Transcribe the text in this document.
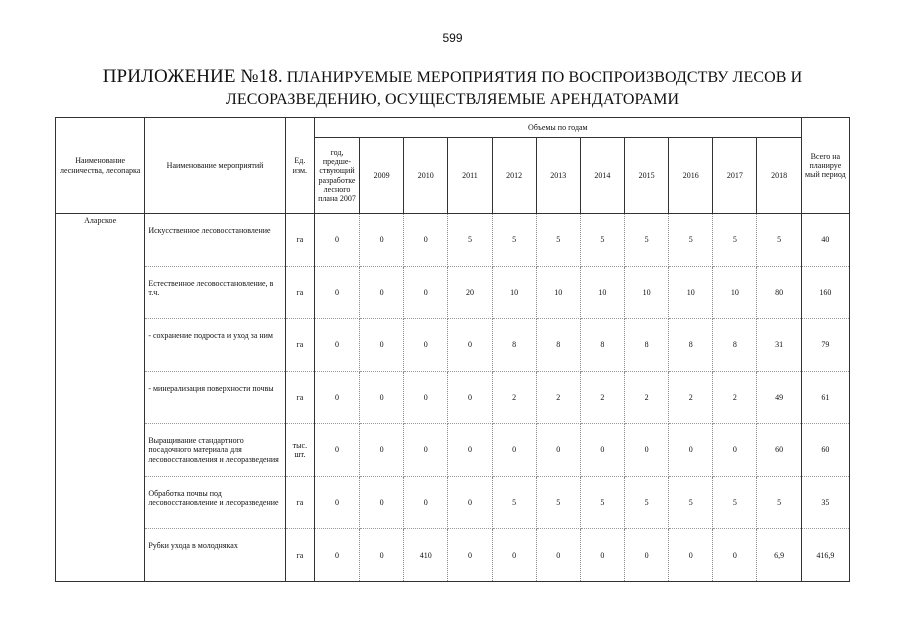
599
ПРИЛОЖЕНИЕ №18. ПЛАНИРУЕМЫЕ МЕРОПРИЯТИЯ ПО ВОСПРОИЗВОДСТВУ ЛЕСОВ И
ЛЕСОРАЗВЕДЕНИЮ, ОСУЩЕСТВЛЯЕМЫЕ АРЕНДАТОРАМИ
Наименование лесничества, лесопарка	Наименование мероприятий	Ед. изм.	Объемы по годам											Всего на планируе мый период
			год, предше-ствующий разработке лесного плана 2007	2009	2010	2011	2012	2013	2014	2015	2016	2017	2018	
Аларское	Искусственное лесовосстановление	га	0	0	0	5	5	5	5	5	5	5	5	40
	Естественное лесовосстановление, в т.ч.	га	0	0	0	20	10	10	10	10	10	10	80	160
	- сохранение подроста и уход за ним	га	0	0	0	0	8	8	8	8	8	8	31	79
	- минерализация поверхности почвы	га	0	0	0	0	2	2	2	2	2	2	49	61
	Выращивание стандартного посадочного материала для лесовосстановления и лесоразведения	тыс. шт.	0	0	0	0	0	0	0	0	0	0	60	60
	Обработка почвы под лесовосстановление и лесоразведение	га	0	0	0	0	5	5	5	5	5	5	5	35
	Рубки ухода в молодняках	га	0	0	410	0	0	0	0	0	0	0	6,9	416,9
